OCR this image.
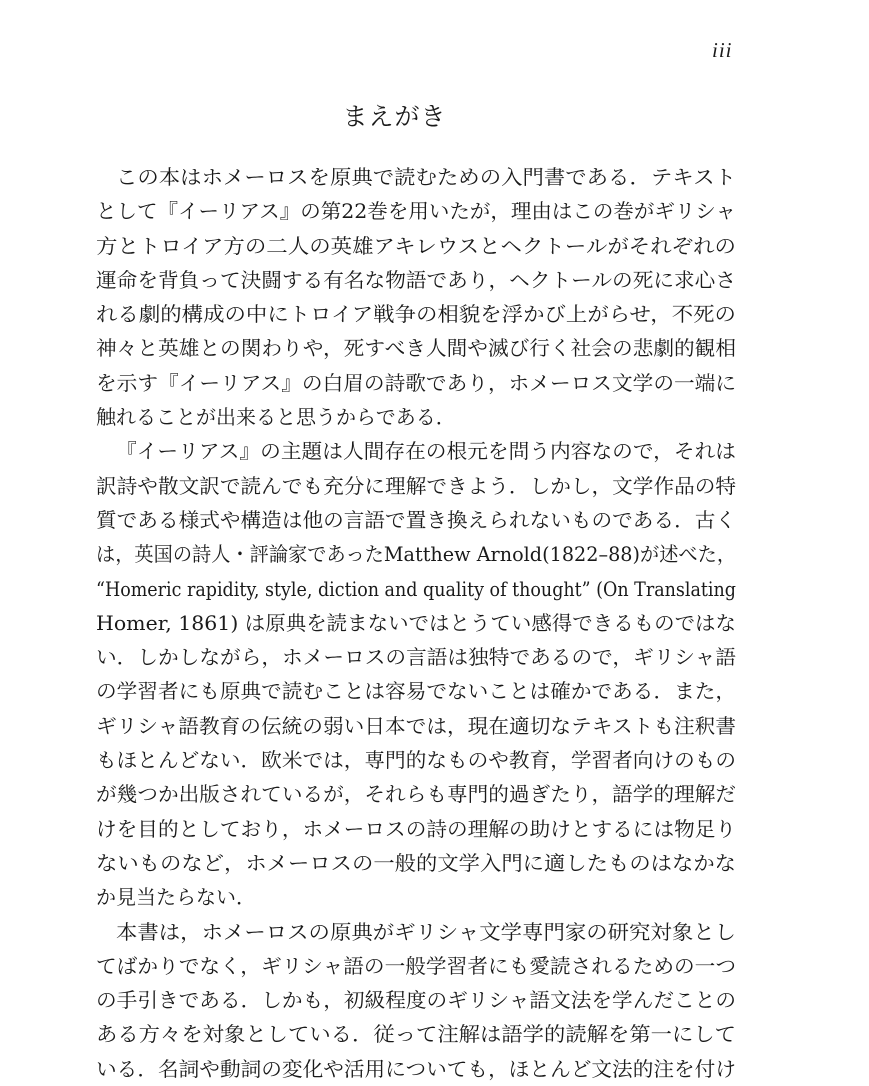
iii
まえがき
この本はホメーロスを原典で読むための入門書である．テキスト
として『イーリアス』の第22巻を用いたが，理由はこの巻がギリシャ
方とトロイア方の二人の英雄アキレウスとヘクトールがそれぞれの
運命を背負って決闘する有名な物語であり，ヘクトールの死に求心さ
れる劇的構成の中にトロイア戦争の相貌を浮かび上がらせ，不死の
神々と英雄との関わりや，死すべき人間や滅び行く社会の悲劇的観相
を示す『イーリアス』の白眉の詩歌であり，ホメーロス文学の一端に
触れることが出来ると思うからである．
『イーリアス』の主題は人間存在の根元を問う内容なので，それは
訳詩や散文訳で読んでも充分に理解できよう．しかし，文学作品の特
質である様式や構造は他の言語で置き換えられないものである．古く
は，英国の詩人・評論家であったMatthew Arnold(1822–88)が述べた，
“Homeric rapidity, style, diction and quality of thought” (On Translating
Homer, 1861) は原典を読まないではとうてい感得できるものではな
い．しかしながら，ホメーロスの言語は独特であるので，ギリシャ語
の学習者にも原典で読むことは容易でないことは確かである．また，
ギリシャ語教育の伝統の弱い日本では，現在適切なテキストも注釈書
もほとんどない．欧米では，専門的なものや教育，学習者向けのもの
が幾つか出版されているが，それらも専門的過ぎたり，語学的理解だ
けを目的としており，ホメーロスの詩の理解の助けとするには物足り
ないものなど，ホメーロスの一般的文学入門に適したものはなかな
か見当たらない．
本書は，ホメーロスの原典がギリシャ文学専門家の研究対象とし
てばかりでなく，ギリシャ語の一般学習者にも愛読されるための一つ
の手引きである．しかも，初級程度のギリシャ語文法を学んだことの
ある方々を対象としている．従って注解は語学的読解を第一にして
いる．名詞や動詞の変化や活用についても，ほとんど文法的注を付け
